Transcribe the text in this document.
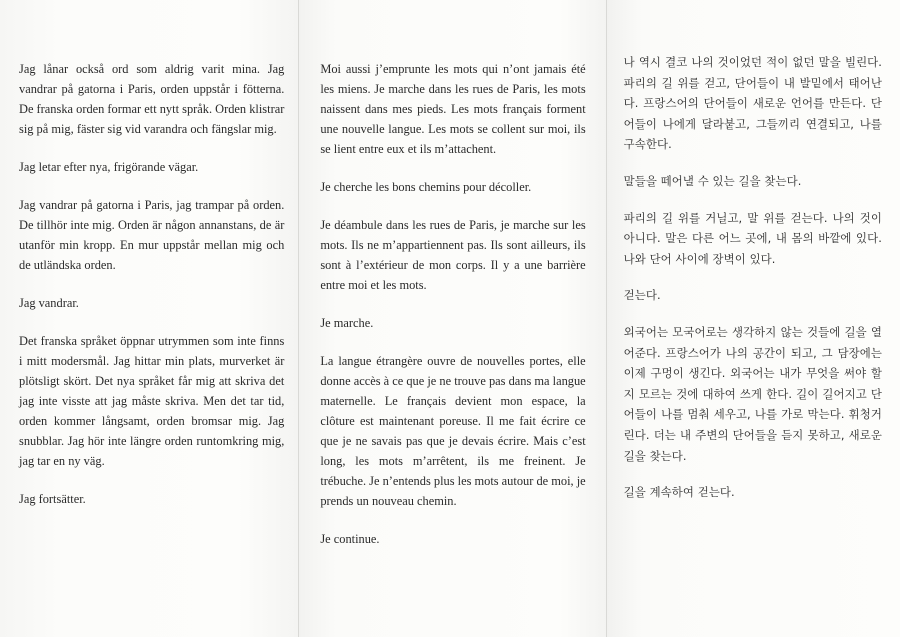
Jag lånar också ord som aldrig varit mina. Jag vandrar på gatorna i Paris, orden uppstår i fötterna. De franska orden formar ett nytt språk. Orden klistrar sig på mig, fäster sig vid varandra och fängslar mig.

Jag letar efter nya, frigörande vägar.

Jag vandrar på gatorna i Paris, jag trampar på orden. De tillhör inte mig. Orden är någon annanstans, de är utanför min kropp. En mur uppstår mellan mig och de utländska orden.

Jag vandrar.

Det franska språket öppnar utrymmen som inte finns i mitt modersmål. Jag hittar min plats, murverket är plötsligt skört. Det nya språket får mig att skriva det jag inte visste att jag måste skriva. Men det tar tid, orden kommer långsamt, orden bromsar mig. Jag snubblar. Jag hör inte längre orden runtomkring mig, jag tar en ny väg.

Jag fortsätter.

Moi aussi j’emprunte les mots qui n’ont jamais été les miens. Je marche dans les rues de Paris, les mots naissent dans mes pieds. Les mots français forment une nouvelle langue. Les mots se collent sur moi, ils se lient entre eux et ils m’attachent.

Je cherche les bons chemins pour décoller.

Je déambule dans les rues de Paris, je marche sur les mots. Ils ne m’appartiennent pas. Ils sont ailleurs, ils sont à l’extérieur de mon corps. Il y a une barrière entre moi et les mots.

Je marche.

La langue étrangère ouvre de nouvelles portes, elle donne accès à ce que je ne trouve pas dans ma langue maternelle. Le français devient mon espace, la clôture est maintenant poreuse. Il me fait écrire ce que je ne savais pas que je devais écrire. Mais c’est long, les mots m’arrêtent, ils me freinent. Je trébuche. Je n’entends plus les mots autour de moi, je prends un nouveau chemin.

Je continue.

나 역시 결코 나의 것이었던 적이 없던 말을 빌린다. 파리의 길 위를 걷고, 단어들이 내 발밑에서 태어난다. 프랑스어의 단어들이 새로운 언어를 만든다. 단어들이 나에게 달라붙고, 그들끼리 연결되고, 나를 구속한다.

말들을 떼어낼 수 있는 길을 찾는다.

파리의 길 위를 거닐고, 말 위를 걷는다. 나의 것이 아니다. 말은 다른 어느 곳에, 내 몸의 바깥에 있다. 나와 단어 사이에 장벽이 있다.

걷는다.

외국어는 모국어로는 생각하지 않는 것들에 길을 열어준다. 프랑스어가 나의 공간이 되고, 그 담장에는 이제 구멍이 생긴다. 외국어는 내가 무엇을 써야 할지 모르는 것에 대하여 쓰게 한다. 길이 길어지고 단어들이 나를 멈춰 세우고, 나를 가로 막는다. 휘청거린다. 더는 내 주변의 단어들을 듣지 못하고, 새로운 길을 찾는다.

길을 계속하여 걷는다.
